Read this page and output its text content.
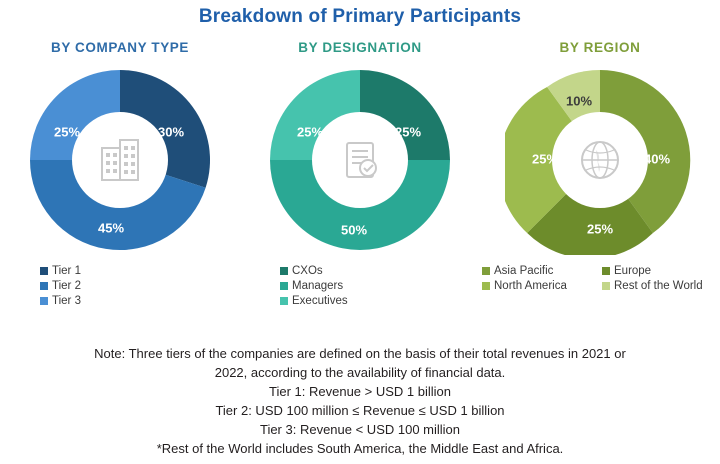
Breakdown of Primary Participants
BY COMPANY TYPE
30%
45%
25%
Tier 1
Tier 2
Tier 3
BY DESIGNATION
25%
50%
25%
CXOs
Managers
Executives
BY REGION
40%
25%
25%
10%
Asia Pacific	Europe
North America	Rest of the World
Note: Three tiers of the companies are defined on the basis of their total revenues in 2021 or 2022, according to the availability of financial data.
Tier 1: Revenue > USD 1 billion
Tier 2: USD 100 million ≤ Revenue ≤ USD 1 billion
Tier 3: Revenue < USD 100 million
*Rest of the World includes South America, the Middle East and Africa.
